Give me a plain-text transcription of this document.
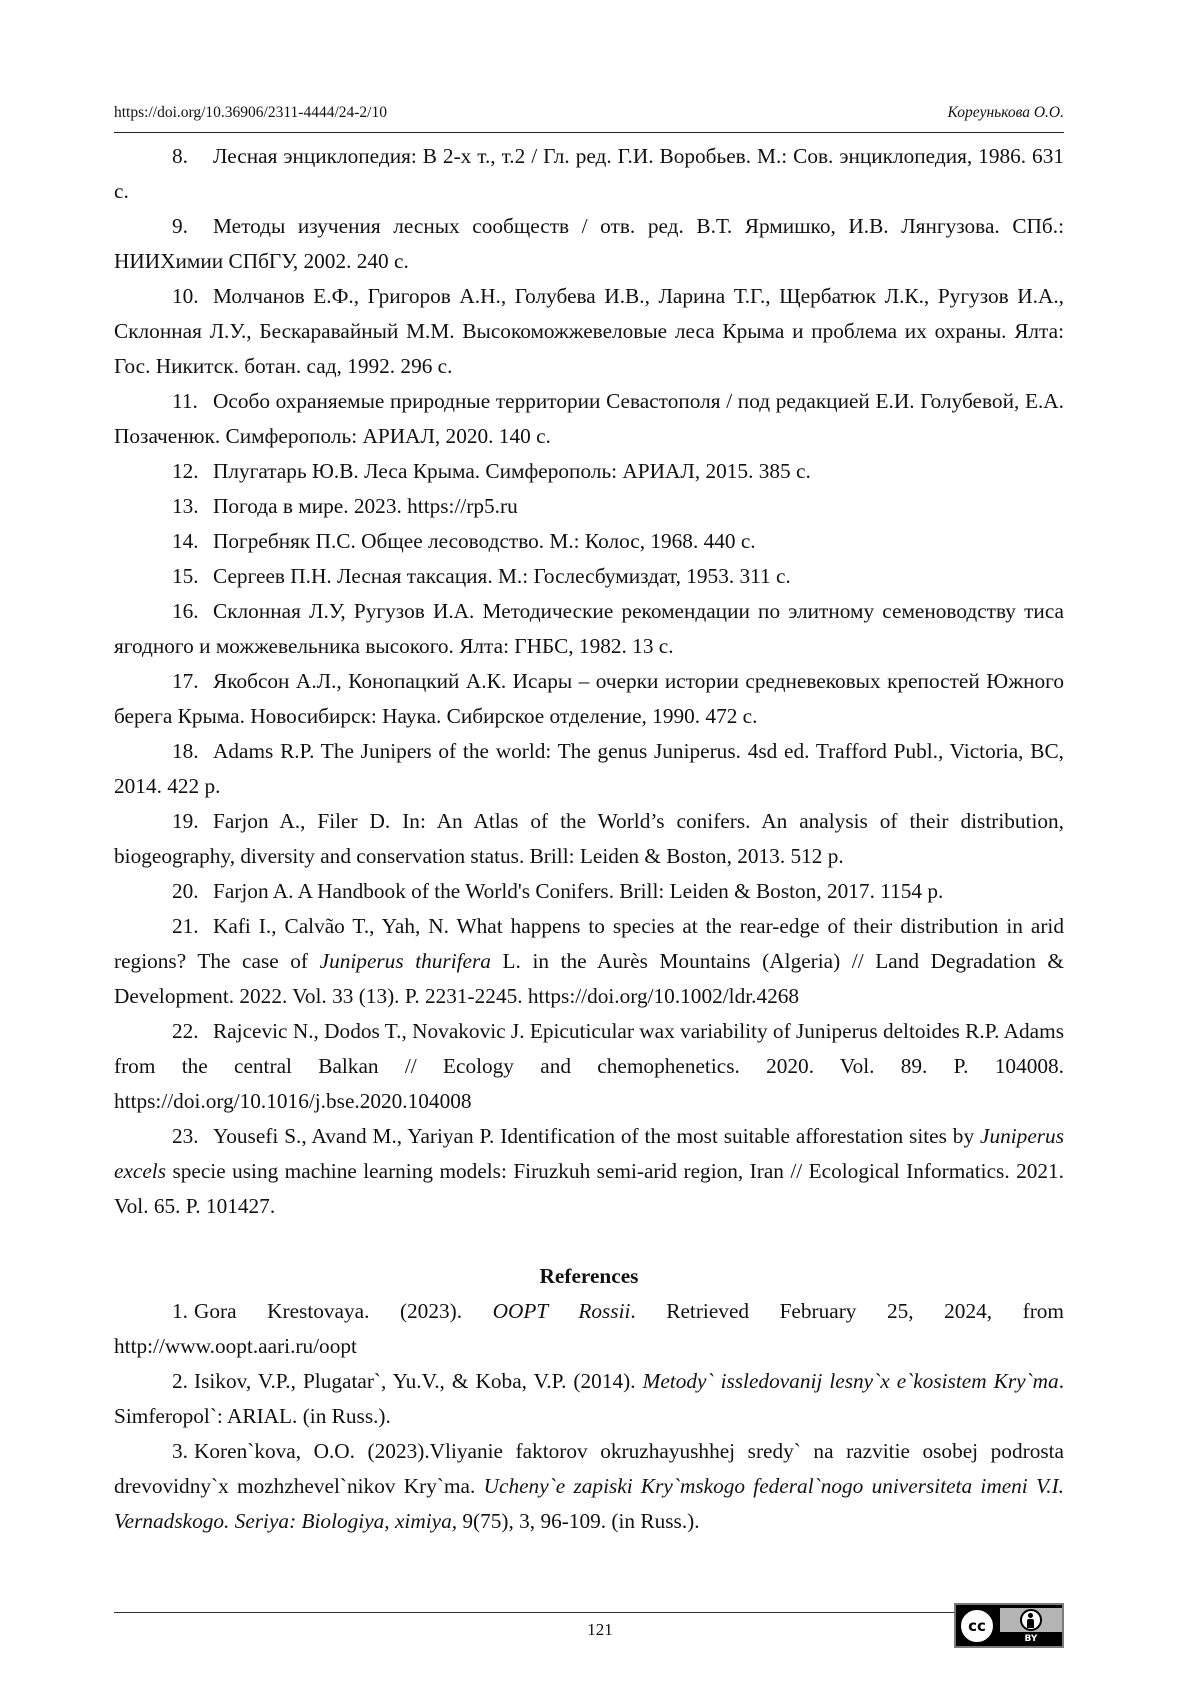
https://doi.org/10.36906/2311-4444/24-2/10	Кореунькова О.О.

8. Лесная энциклопедия: В 2-х т., т.2 / Гл. ред. Г.И. Воробьев. М.: Сов. энциклопедия, 1986. 631 с.

9. Методы изучения лесных сообществ / отв. ред. В.Т. Ярмишко, И.В. Лянгузова. СПб.: НИИХимии СПбГУ, 2002. 240 с.

10. Молчанов Е.Ф., Григоров А.Н., Голубева И.В., Ларина Т.Г., Щербатюк Л.К., Ругузов И.А., Склонная Л.У., Бескаравайный М.М. Высокоможжевеловые леса Крыма и проблема их охраны. Ялта: Гос. Никитск. ботан. сад, 1992. 296 с.

11. Особо охраняемые природные территории Севастополя / под редакцией Е.И. Голубевой, Е.А. Позаченюк. Симферополь: АРИАЛ, 2020. 140 с.

12. Плугатарь Ю.В. Леса Крыма. Симферополь: АРИАЛ, 2015. 385 с.

13. Погода в мире. 2023. https://rp5.ru

14. Погребняк П.С. Общее лесоводство. М.: Колос, 1968. 440 с.

15. Сергеев П.Н. Лесная таксация. М.: Гослесбумиздат, 1953. 311 с.

16. Склонная Л.У, Ругузов И.А. Методические рекомендации по элитному семеноводству тиса ягодного и можжевельника высокого. Ялта: ГНБС, 1982. 13 с.

17. Якобсон А.Л., Конопацкий А.К. Исары – очерки истории средневековых крепостей Южного берега Крыма. Новосибирск: Наука. Сибирское отделение, 1990. 472 с.

18. Adams R.P. The Junipers of the world: The genus Juniperus. 4sd ed. Trafford Publ., Victoria, BC, 2014. 422 p.

19. Farjon A., Filer D. In: An Atlas of the World’s conifers. An analysis of their distribution, biogeography, diversity and conservation status. Brill: Leiden & Boston, 2013. 512 p.

20. Farjon A. A Handbook of the World's Conifers. Brill: Leiden & Boston, 2017. 1154 p.

21. Kafi I., Calvão T., Yah, N. What happens to species at the rear-edge of their distribution in arid regions? The case of Juniperus thurifera L. in the Aurès Mountains (Algeria) // Land Degradation & Development. 2022. Vol. 33 (13). P. 2231-2245. https://doi.org/10.1002/ldr.4268

22. Rajcevic N., Dodos T., Novakovic J. Epicuticular wax variability of Juniperus deltoides R.P. Adams from the central Balkan // Ecology and chemophenetics. 2020. Vol. 89. P. 104008. https://doi.org/10.1016/j.bse.2020.104008

23. Yousefi S., Avand M., Yariyan P. Identification of the most suitable afforestation sites by Juniperus excels specie using machine learning models: Firuzkuh semi-arid region, Iran // Ecological Informatics. 2021. Vol. 65. P. 101427.

References

1. Gora Krestovaya. (2023). OOPT Rossii. Retrieved February 25, 2024, from http://www.oopt.aari.ru/oopt

2. Isikov, V.P., Plugatar`, Yu.V., & Koba, V.P. (2014). Metody` issledovanij lesny`x e`kosistem Kry`ma. Simferopol`: ARIAL. (in Russ.).

3. Koren`kova, O.O. (2023).Vliyanie faktorov okruzhayushhej sredy` na razvitie osobej podrosta drevovidny`x mozhzhevel`nikov Kry`ma. Ucheny`e zapiski Kry`mskogo federal`nogo universiteta imeni V.I. Vernadskogo. Seriya: Biologiya, ximiya, 9(75), 3, 96-109. (in Russ.).

121	cc
BY
